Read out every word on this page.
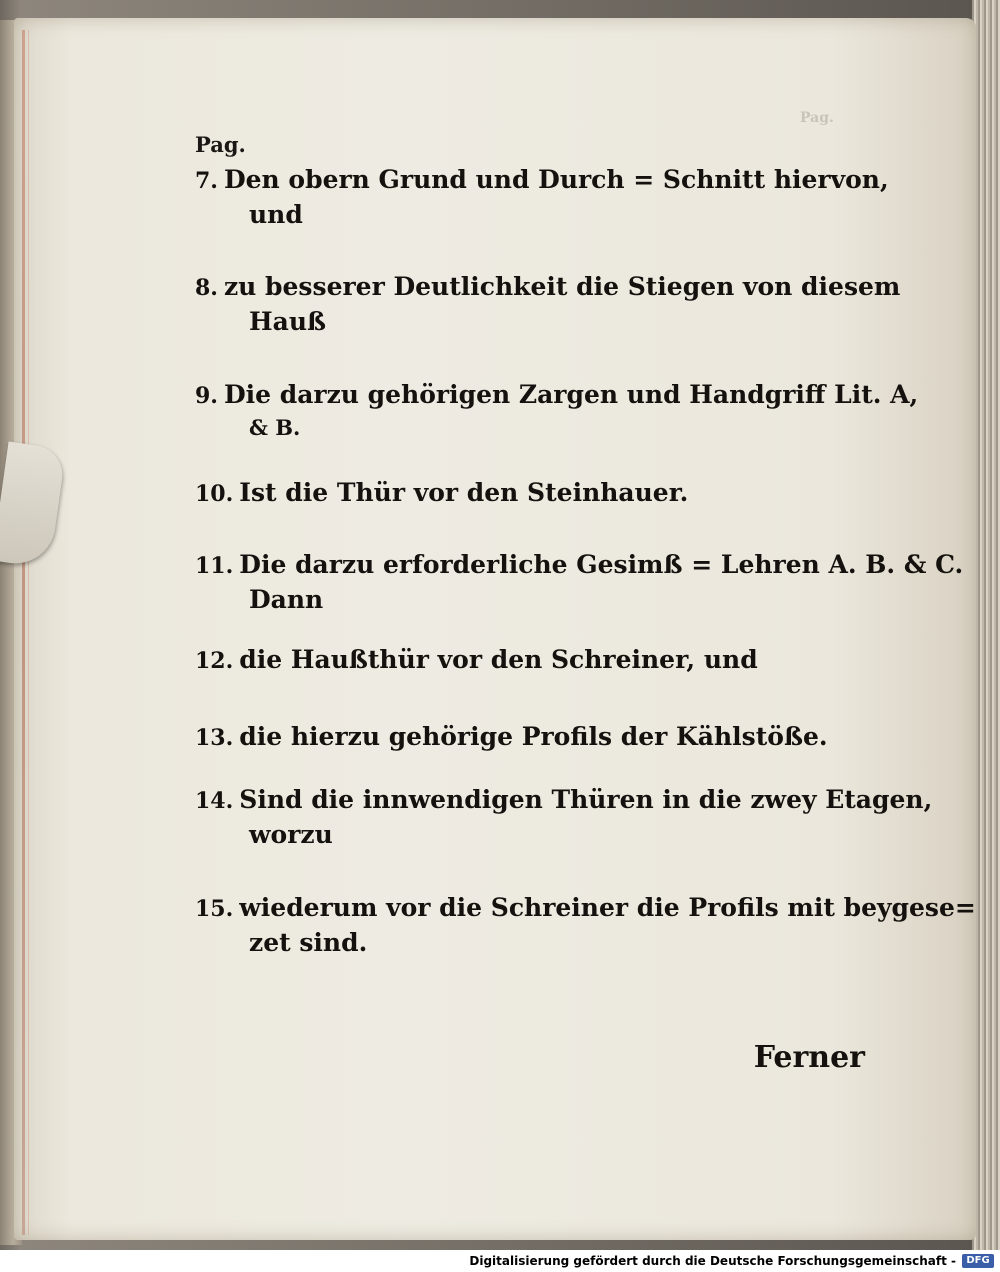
Pag.
Pag.
7. Den obern Grund und Durch = Schnitt hiervon,
und
8. zu besserer Deutlichkeit die Stiegen von diesem
Hauß
9. Die darzu gehörigen Zargen und Handgriff Lit. A,
& B.
10. Ist die Thür vor den Steinhauer.
11. Die darzu erforderliche Gesimß = Lehren A. B. & C.
Dann
12. die Haußthür vor den Schreiner, und
13. die hierzu gehörige Profils der Kählstöße.
14. Sind die innwendigen Thüren in die zwey Etagen,
worzu
15. wiederum vor die Schreiner die Profils mit beygese=
zet sind.
Ferner
Digitalisierung gefördert durch die Deutsche Forschungsgemeinschaft -	DFG
